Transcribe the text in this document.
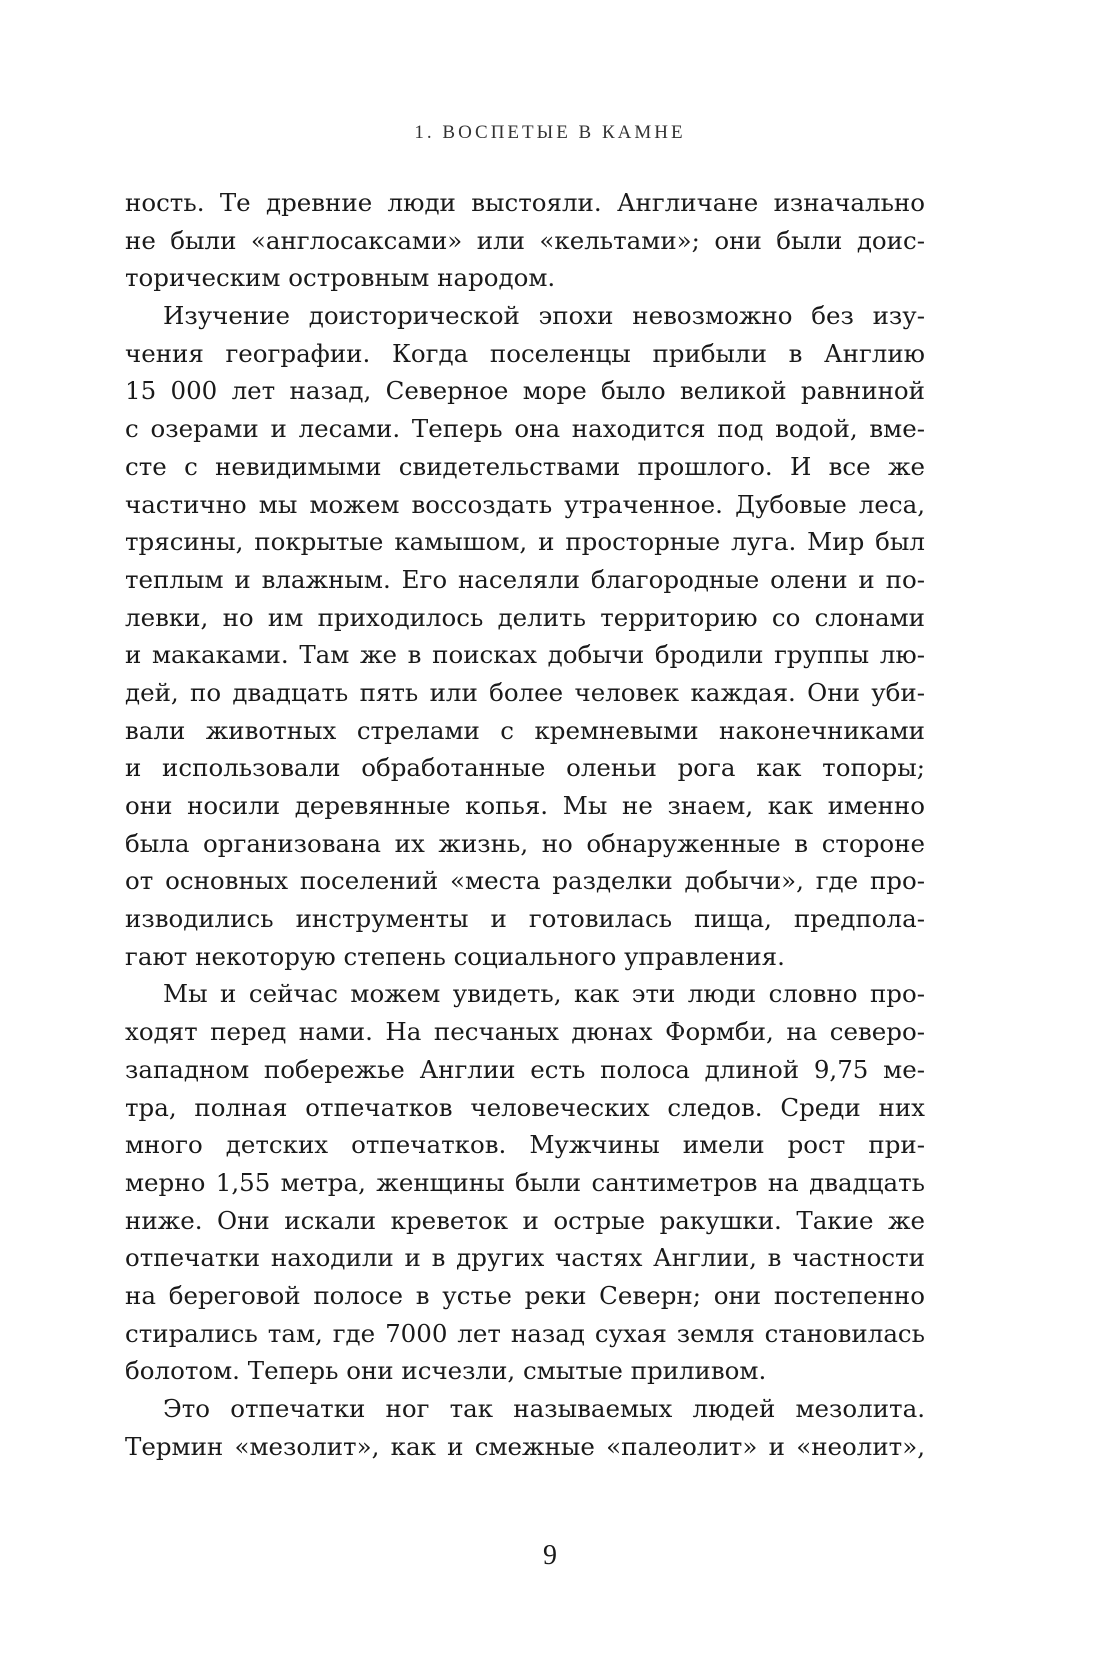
1. ВОСПЕТЫЕ В КАМНЕ
ность. Те древние люди выстояли. Англичане изначально
не были «англосаксами» или «кельтами»; они были доис-
торическим островным народом.
Изучение доисторической эпохи невозможно без изу-
чения географии. Когда поселенцы прибыли в Англию
15 000 лет назад, Северное море было великой равниной
с озерами и лесами. Теперь она находится под водой, вме-
сте с невидимыми свидетельствами прошлого. И все же
частично мы можем воссоздать утраченное. Дубовые леса,
трясины, покрытые камышом, и просторные луга. Мир был
теплым и влажным. Его населяли благородные олени и по-
левки, но им приходилось делить территорию со слонами
и макаками. Там же в поисках добычи бродили группы лю-
дей, по двадцать пять или более человек каждая. Они уби-
вали животных стрелами с кремневыми наконечниками
и использовали обработанные оленьи рога как топоры;
они носили деревянные копья. Мы не знаем, как именно
была организована их жизнь, но обнаруженные в стороне
от основных поселений «места разделки добычи», где про-
изводились инструменты и готовилась пища, предпола-
гают некоторую степень социального управления.
Мы и сейчас можем увидеть, как эти люди словно про-
ходят перед нами. На песчаных дюнах Формби, на северо-
западном побережье Англии есть полоса длиной 9,75 ме-
тра, полная отпечатков человеческих следов. Среди них
много детских отпечатков. Мужчины имели рост при-
мерно 1,55 метра, женщины были сантиметров на двадцать
ниже. Они искали креветок и острые ракушки. Такие же
отпечатки находили и в других частях Англии, в частности
на береговой полосе в устье реки Северн; они постепенно
стирались там, где 7000 лет назад сухая земля становилась
болотом. Теперь они исчезли, смытые приливом.
Это отпечатки ног так называемых людей мезолита.
Термин «мезолит», как и смежные «палеолит» и «неолит»,
9
